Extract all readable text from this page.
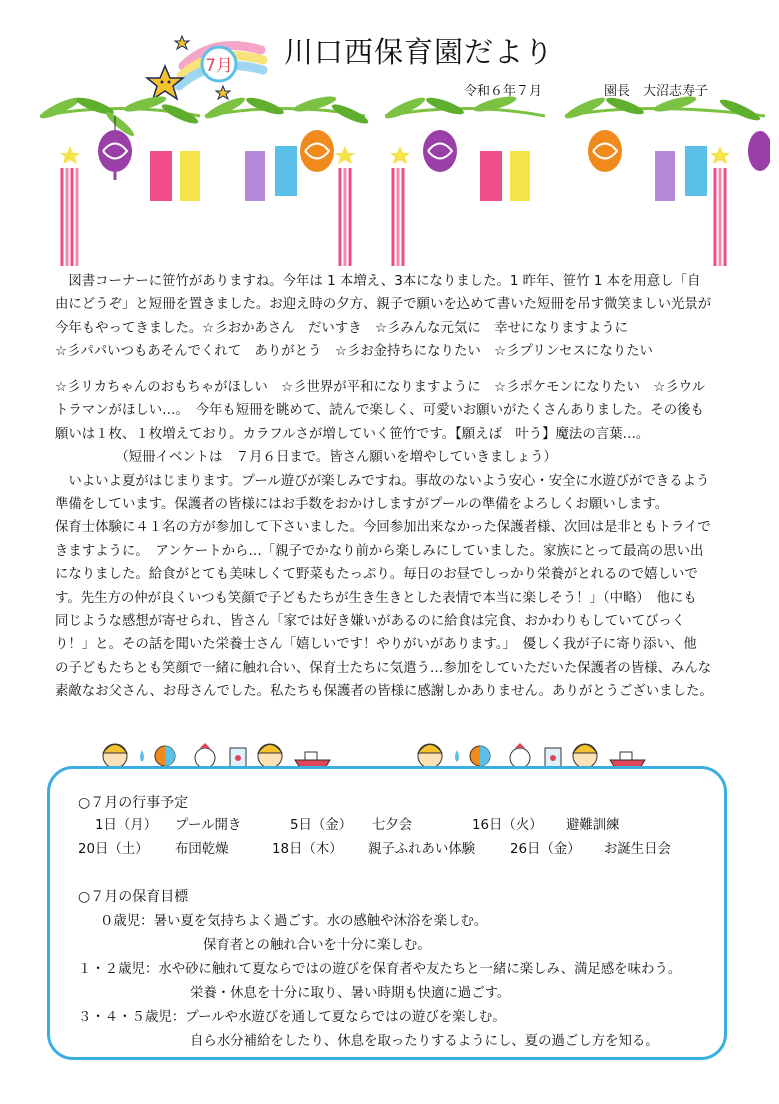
7月 川口西保育園だより
令和６年７月	園長　大沼志寿子
　図書コーナーに笹竹がありますね。今年は 1 本増え、3本になりました。1 昨年、笹竹 1 本を用意し「自
由にどうぞ」と短冊を置きました。お迎え時の夕方、親子で願いを込めて書いた短冊を吊す微笑ましい光景が
今年もやってきました。☆彡おかあさん　だいすき　☆彡みんな元気に　幸せになりますように
☆彡パパいつもあそんでくれて　ありがとう　☆彡お金持ちになりたい　☆彡プリンセスになりたい
☆彡リカちゃんのおもちゃがほしい　☆彡世界が平和になりますように　☆彡ポケモンになりたい　☆彡ウル
トラマンがほしい…。　今年も短冊を眺めて、読んで楽しく、可愛いお願いがたくさんありました。その後も
願いは１枚、１枚増えており。カラフルさが増していく笹竹です。【願えば　叶う】魔法の言葉…。
　　　　　（短冊イベントは　７月６日まで。皆さん願いを増やしていきましょう）
　いよいよ夏がはじまります。プール遊びが楽しみですね。事故のないよう安心・安全に水遊びができるよう
準備をしています。保護者の皆様にはお手数をおかけしますがプールの準備をよろしくお願いします。
保育士体験に４１名の方が参加して下さいました。今回参加出来なかった保護者様、次回は是非ともトライで
きますように。　アンケートから…「親子でかなり前から楽しみにしていました。家族にとって最高の思い出
になりました。給食がとても美味しくて野菜もたっぷり。毎日のお昼でしっかり栄養がとれるので嬉しいで
す。先生方の仲が良くいつも笑顔で子どもたちが生き生きとした表情で本当に楽しそう！」（中略）　他にも
同じような感想が寄せられ、皆さん「家では好き嫌いがあるのに給食は完食、おかわりもしていてびっく
り！」と。その話を聞いた栄養士さん「嬉しいです！やりがいがあります。」　優しく我が子に寄り添い、他
の子どもたちとも笑顔で一緒に触れ合い、保育士たちに気遣う…参加をしていただいた保護者の皆様、みんな
素敵なお父さん、お母さんでした。私たちも保護者の皆様に感謝しかありません。ありがとうございました。
○７月の行事予定
1日（月） プール開き	5日（金） 七夕会	16日（火） 避難訓練
20日（土） 布団乾燥	18日（木） 親子ふれあい体験	26日（金） お誕生日会
○７月の保育目標
０歳児：暑い夏を気持ちよく過ごす。水の感触や沐浴を楽しむ。
保育者との触れ合いを十分に楽しむ。
１・２歳児：水や砂に触れて夏ならではの遊びを保育者や友たちと一緒に楽しみ、満足感を味わう。
栄養・休息を十分に取り、暑い時期も快適に過ごす。
３・４・５歳児：プールや水遊びを通して夏ならではの遊びを楽しむ。
自ら水分補給をしたり、休息を取ったりするようにし、夏の過ごし方を知る。
